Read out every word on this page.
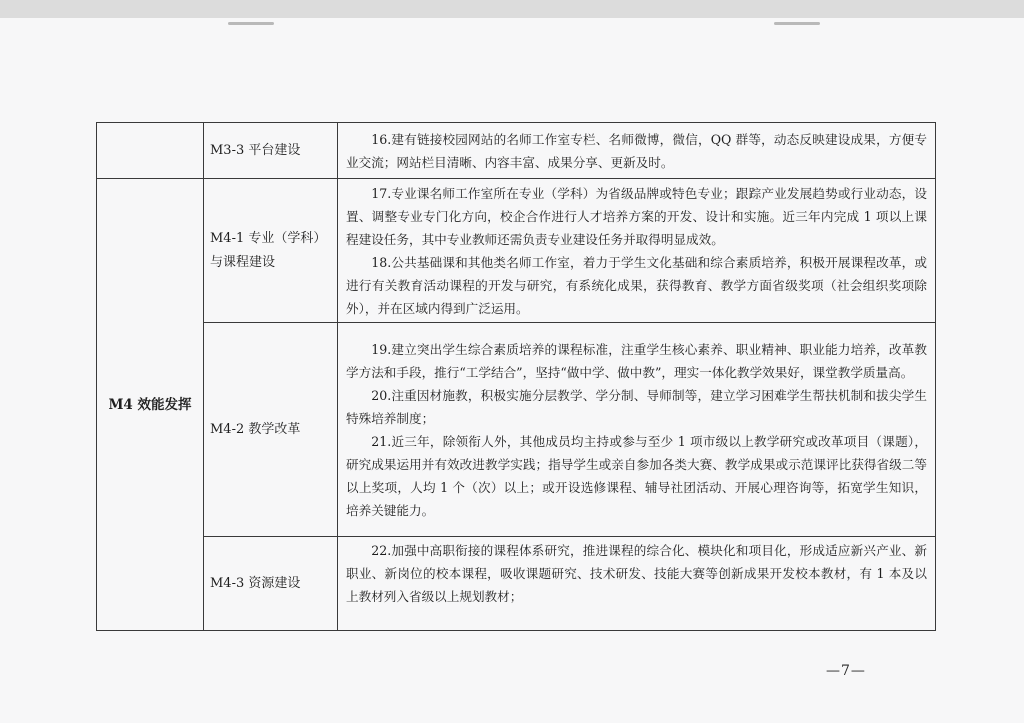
	M3-3 平台建设	16.建有链接校园网站的名师工作室专栏、名师微博，微信，QQ 群等，动态反映建设成果，方便专业交流；网站栏目清晰、内容丰富、成果分享、更新及时。

M4 效能发挥	M4-1 专业（学科）与课程建设	17.专业课名师工作室所在专业（学科）为省级品牌或特色专业；跟踪产业发展趋势或行业动态，设置、调整专业专门化方向，校企合作进行人才培养方案的开发、设计和实施。近三年内完成 1 项以上课程建设任务，其中专业教师还需负责专业建设任务并取得明显成效。

18.公共基础课和其他类名师工作室，着力于学生文化基础和综合素质培养，积极开展课程改革，或进行有关教育活动课程的开发与研究，有系统化成果，获得教育、教学方面省级奖项（社会组织奖项除外），并在区域内得到广泛运用。

	M4-2 教学改革	19.建立突出学生综合素质培养的课程标准，注重学生核心素养、职业精神、职业能力培养，改革教学方法和手段，推行“工学结合”，坚持“做中学、做中教”，理实一体化教学效果好，课堂教学质量高。

20.注重因材施教，积极实施分层教学、学分制、导师制等，建立学习困难学生帮扶机制和拔尖学生特殊培养制度；

21.近三年，除领衔人外，其他成员均主持或参与至少 1 项市级以上教学研究或改革项目（课题），研究成果运用并有效改进教学实践；指导学生或亲自参加各类大赛、教学成果或示范课评比获得省级二等以上奖项，人均 1 个（次）以上；或开设选修课程、辅导社团活动、开展心理咨询等，拓宽学生知识，培养关键能力。

	M4-3 资源建设	22.加强中高职衔接的课程体系研究，推进课程的综合化、模块化和项目化，形成适应新兴产业、新职业、新岗位的校本课程，吸收课题研究、技术研发、技能大赛等创新成果开发校本教材，有 1 本及以上教材列入省级以上规划教材；

—7—
